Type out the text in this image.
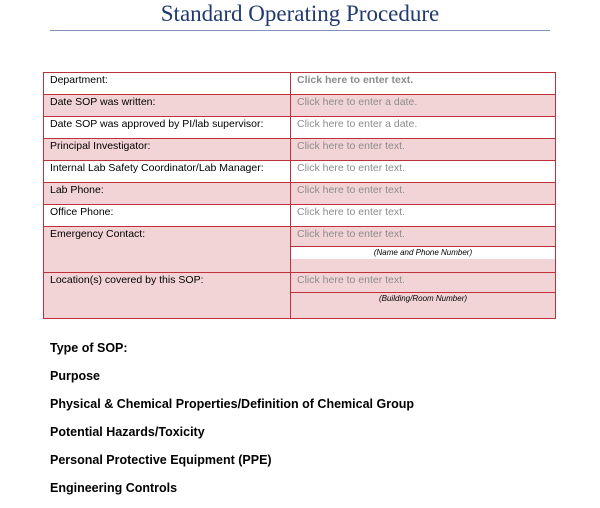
Standard Operating Procedure
Department:	Click here to enter text.
Date SOP was written:	Click here to enter a date.
Date SOP was approved by PI/lab supervisor:	Click here to enter a date.
Principal Investigator:	Click here to enter text.
Internal Lab Safety Coordinator/Lab Manager:	Click here to enter text.
Lab Phone:	Click here to enter text.
Office Phone:	Click here to enter text.
Emergency Contact:	Click here to enter text.
(Name and Phone Number)

Location(s) covered by this SOP:	Click here to enter text.
(Building/Room Number)
Type of SOP:
Purpose
Physical & Chemical Properties/Definition of Chemical Group
Potential Hazards/Toxicity
Personal Protective Equipment (PPE)
Engineering Controls
